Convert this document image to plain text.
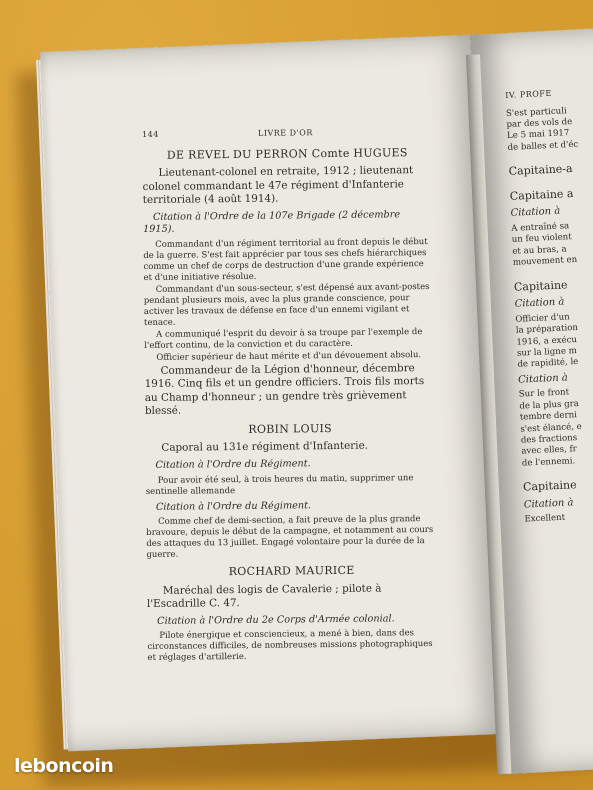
144	LIVRE D'OR
DE REVEL DU PERRON Comte HUGUES
Lieutenant-colonel en retraite, 1912 ; lieutenant colonel commandant le 47e régiment d'Infanterie territoriale (4 août 1914).
Citation à l'Ordre de la 107e Brigade (2 décembre 1915).
Commandant d'un régiment territorial au front depuis le début de la guerre. S'est fait apprécier par tous ses chefs hiérarchiques comme un chef de corps de destruction d'une grande expérience et d'une initiative résolue.
Commandant d'un sous-secteur, s'est dépensé aux avant-postes pendant plusieurs mois, avec la plus grande conscience, pour activer les travaux de défense en face d'un ennemi vigilant et tenace.
A communiqué l'esprit du devoir à sa troupe par l'exemple de l'effort continu, de la conviction et du caractère.
Officier supérieur de haut mérite et d'un dévouement absolu.
Commandeur de la Légion d'honneur, décembre 1916. Cinq fils et un gendre officiers. Trois fils morts au Champ d'honneur ; un gendre très grièvement blessé.
ROBIN LOUIS
Caporal au 131e régiment d'Infanterie.
Citation à l'Ordre du Régiment.
Pour avoir été seul, à trois heures du matin, supprimer une sentinelle allemande
Citation à l'Ordre du Régiment.
Comme chef de demi-section, a fait preuve de la plus grande bravoure, depuis le début de la campagne, et notamment au cours des attaques du 13 juillet. Engagé volontaire pour la durée de la guerre.
ROCHARD MAURICE
Maréchal des logis de Cavalerie ; pilote à l'Escadrille C. 47.
Citation à l'Ordre du 2e Corps d'Armée colonial.
Pilote énergique et consciencieux, a mené à bien, dans des circonstances difficiles, de nombreuses missions photographiques et réglages d'artillerie.

IV. PROFE

S'est particuli

par des vols de

Le 5 mai 1917

de balles et d'éc

Capitaine-a

Capitaine a

Citation à

A entraîné sa

un feu violent

et au bras, a

mouvement en

Capitaine

Citation à

Officier d'un

la préparation

1916, a exécu

sur la ligne m

de rapidité, le

Citation à

Sur le front

de la plus gra

tembre derni

s'est élancé, e

des fractions

avec elles, fr

de l'ennemi.

Capitaine

Citation à

Excellent

leboncoin
